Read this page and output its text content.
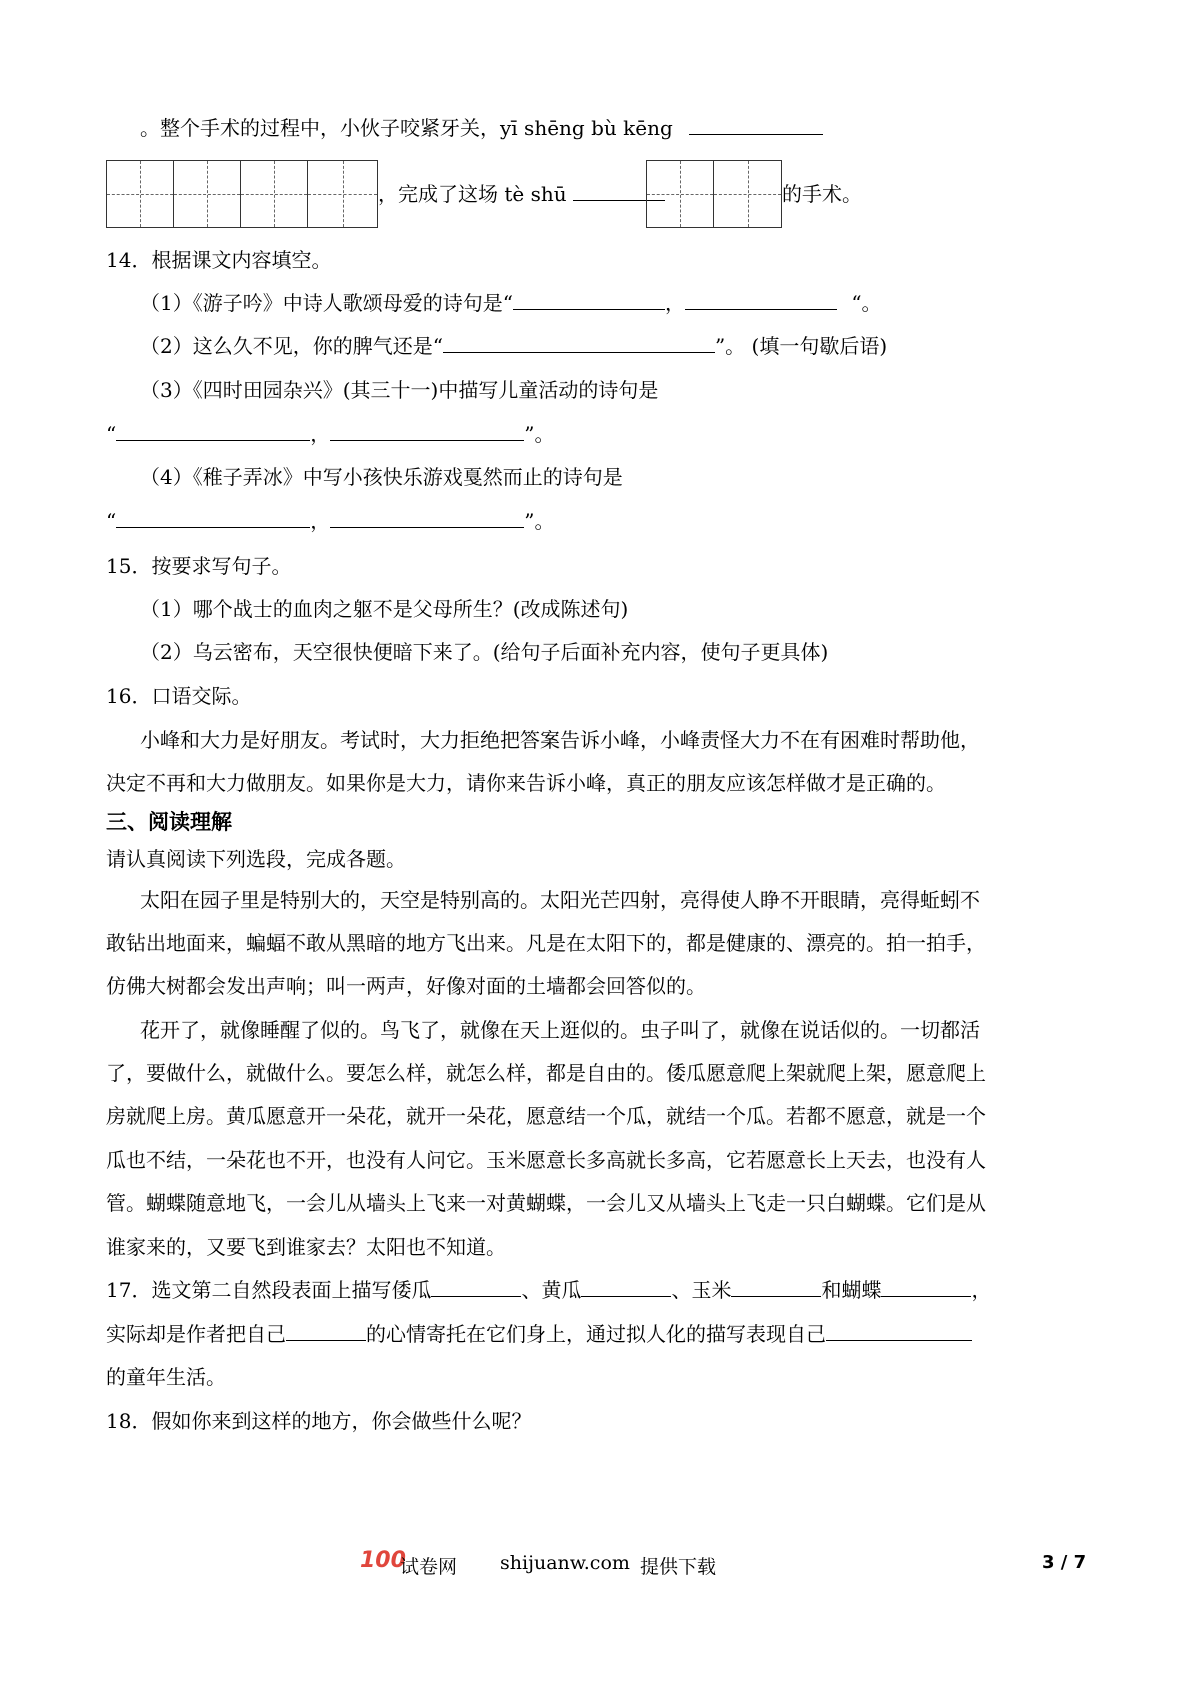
。整个手术的过程中，小伙子咬紧牙关，yī shēng bù kēng
，完成了这场 tè shū	的手术。
14．根据课文内容填空。
（1）《游子吟》中诗人歌颂母爱的诗句是“	，	“。
（2）这么久不见，你的脾气还是“	”。 (填一句歇后语)
（3）《四时田园杂兴》(其三十一)中描写儿童活动的诗句是
“	，	”。
（4）《稚子弄冰》中写小孩快乐游戏戛然而止的诗句是
“	，	”。
15．按要求写句子。
（1）哪个战士的血肉之躯不是父母所生？(改成陈述句)
（2）乌云密布，天空很快便暗下来了。(给句子后面补充内容，使句子更具体)
16．口语交际。
小峰和大力是好朋友。考试时，大力拒绝把答案告诉小峰，小峰责怪大力不在有困难时帮助他，
决定不再和大力做朋友。如果你是大力，请你来告诉小峰，真正的朋友应该怎样做才是正确的。
三、阅读理解
请认真阅读下列选段，完成各题。
太阳在园子里是特别大的，天空是特别高的。太阳光芒四射，亮得使人睁不开眼睛，亮得蚯蚓不
敢钻出地面来，蝙蝠不敢从黑暗的地方飞出来。凡是在太阳下的，都是健康的、漂亮的。拍一拍手，
仿佛大树都会发出声响；叫一两声，好像对面的土墙都会回答似的。
花开了，就像睡醒了似的。鸟飞了，就像在天上逛似的。虫子叫了，就像在说话似的。一切都活
了，要做什么，就做什么。要怎么样，就怎么样，都是自由的。倭瓜愿意爬上架就爬上架，愿意爬上
房就爬上房。黄瓜愿意开一朵花，就开一朵花，愿意结一个瓜，就结一个瓜。若都不愿意，就是一个
瓜也不结，一朵花也不开，也没有人问它。玉米愿意长多高就长多高，它若愿意长上天去，也没有人
管。蝴蝶随意地飞，一会儿从墙头上飞来一对黄蝴蝶，一会儿又从墙头上飞走一只白蝴蝶。它们是从
谁家来的，又要飞到谁家去？太阳也不知道。
17．选文第二自然段表面上描写倭瓜	、黄瓜	、玉米	和蝴蝶	，
实际却是作者把自己	的心情寄托在它们身上，通过拟人化的描写表现自己
的童年生活。
18．假如你来到这样的地方，你会做些什么呢？
100
试卷网 shijuanw.com 提供下载	3 / 7
